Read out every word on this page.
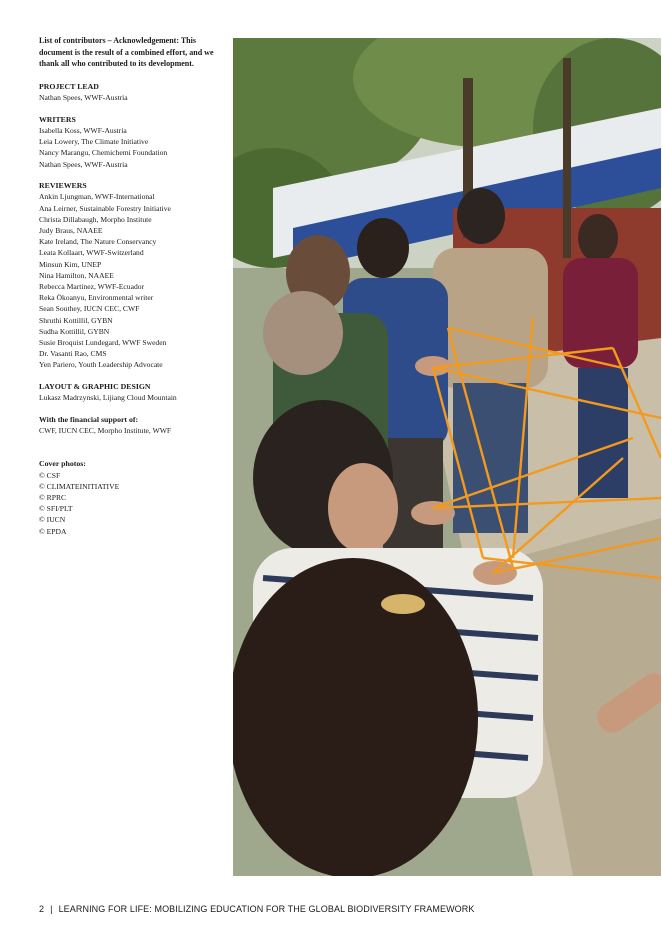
List of contributors – Acknowledgement: This document is the result of a combined effort, and we thank all who contributed to its development.

PROJECT LEAD

Nathan Spees, WWF-Austria

WRITERS

Isabella Koss, WWF-Austria

Leia Lowery, The Climate Initiative

Nancy Marangu, Chemichemi Foundation

Nathan Spees, WWF-Austria

REVIEWERS

Ankin Ljungman, WWF-International

Ana Leirner, Sustainable Forestry Initiative

Christa Dillabaugh, Morpho Institute

Judy Braus, NAAEE

Kate Ireland, The Nature Conservancy

Leata Kollaart, WWF-Switzerland

Minsun Kim, UNEP

Nina Hamilton, NAAEE

Rebecca Martinez, WWF-Ecuador

Reka Ökoanyu, Environmental writer

Sean Southey, IUCN CEC, CWF

Shruthi Kottillil, GYBN

Sudha Kottillil, GYBN

Susie Broquist Lundegard, WWF Sweden

Dr. Vasanti Rao, CMS

Yen Pariero, Youth Leadership Advocate

LAYOUT & GRAPHIC DESIGN

Lukasz Madrzynski, Lijiang Cloud Mountain

With the financial support of:

CWF, IUCN CEC, Morpho Institute, WWF

Cover photos:

© CSF

© CLIMATEINITIATIVE

© RPRC

© SFI/PLT

© IUCN

© EPDA

2 | LEARNING FOR LIFE: MOBILIZING EDUCATION FOR THE GLOBAL BIODIVERSITY FRAMEWORK
